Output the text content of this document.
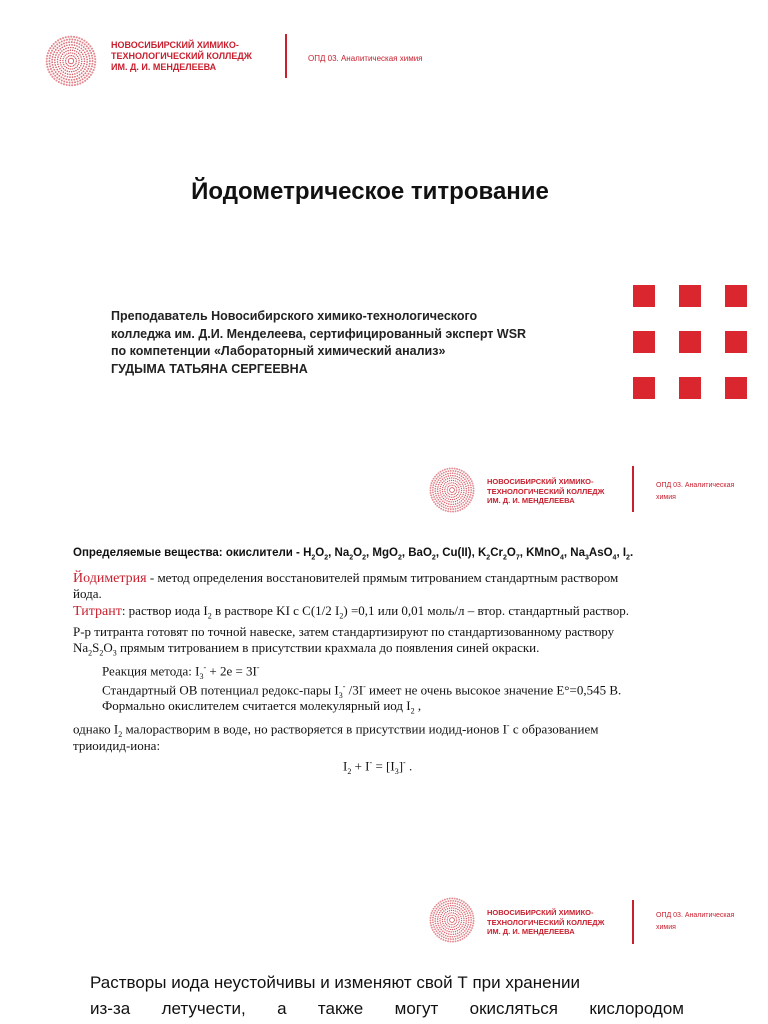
НОВОСИБИРСКИЙ ХИМИКО-
ТЕХНОЛОГИЧЕСКИЙ КОЛЛЕДЖ
ИМ. Д. И. МЕНДЕЛЕЕВА
ОПД 03. Аналитическая химия
Йодометрическое титрование
Преподаватель Новосибирского химико-технологического
колледжа им. Д.И. Менделеева, сертифицированный эксперт WSR
по компетенции «Лабораторный химический анализ»
ГУДЫМА ТАТЬЯНА СЕРГЕЕВНА
НОВОСИБИРСКИЙ ХИМИКО-
ТЕХНОЛОГИЧЕСКИЙ КОЛЛЕДЖ
ИМ. Д. И. МЕНДЕЛЕЕВА
ОПД 03. Аналитическая
химия
Определяемые вещества: окислители - $H_2O_2$, $Na_2O_2$, MgO$_2$, BaO$_2$, Cu(II), $K_2Cr_2O_7$, KMnO$_4$, $Na_3AsO_4$, $I_2$.
Йодиметрия - метод определения восстановителей прямым титрованием стандартным раствором
йода.
Титрант: раствор иода $I_2$ в растворе KI с С(1/2 $I_2) =0,1$ или 0,01 моль/л – втор. стандартный раствор.
Р-р титранта готовят по точной навеске, затем стандартизируют по стандартизованному раствору
$Na_2S_2O_3$ прямым титрованием в присутствии крахмала до появления синей окраски.
Реакция метода: $I_3^- + 2e = 3I^-$
Стандартный ОВ потенциал редокс-пары $I_3^-$ /3I- имеет не очень высокое значение E°=0,545 В.
Формально окислителем считается молекулярный иод $I_2$ ,
однако $I_2$ малорастворим в воде, но растворяется в присутствии иодид-ионов I- с образованием
триоидид-иона:
$I_2 + I^- = [I_3]^-$ .
НОВОСИБИРСКИЙ ХИМИКО-
ТЕХНОЛОГИЧЕСКИЙ КОЛЛЕДЖ
ИМ. Д. И. МЕНДЕЛЕЕВА
ОПД 03. Аналитическая
химия
Растворы иода неустойчивы и изменяют свой Т при хранении
из-за летучести, а также могут окисляться кислородом
